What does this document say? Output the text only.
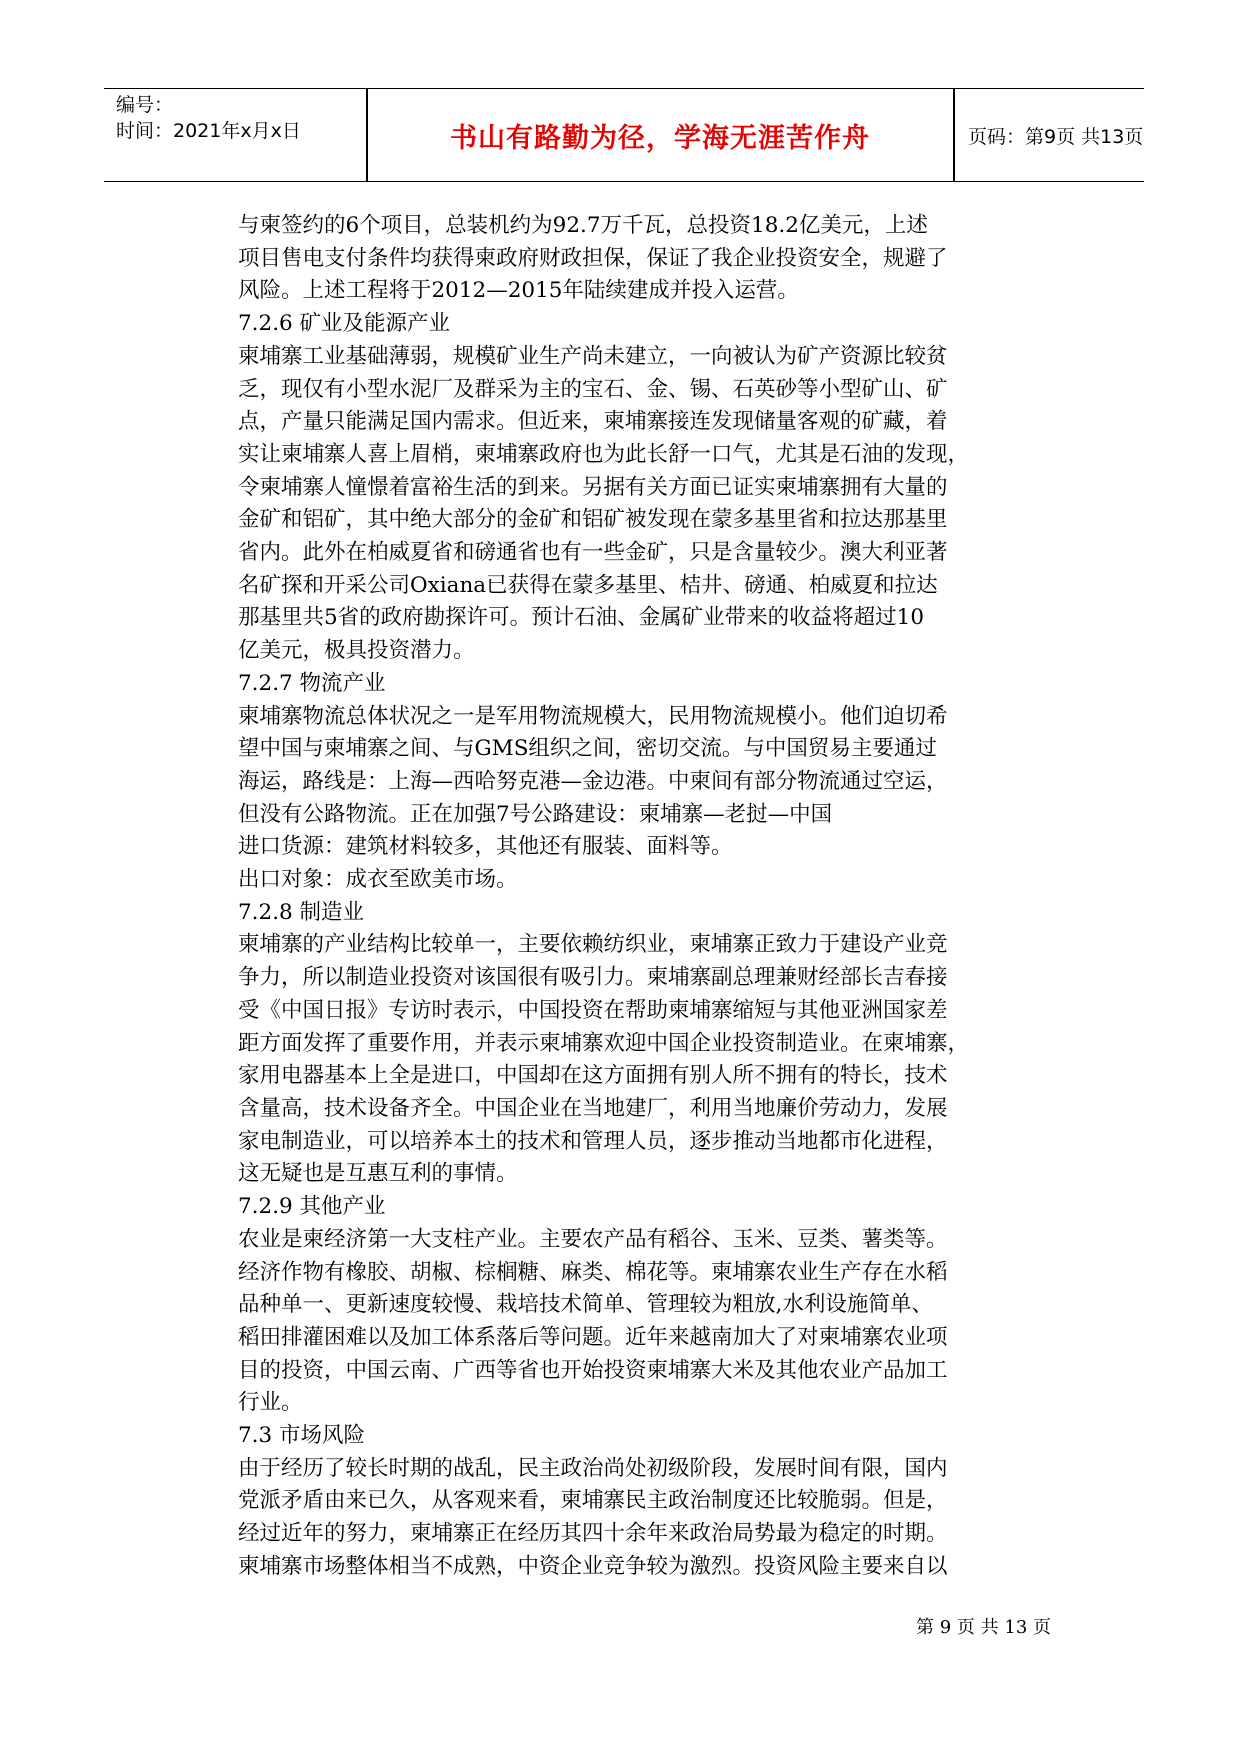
编号：
时间：2021年x月x日	书山有路勤为径，学海无涯苦作舟	页码：第9页 共13页

与柬签约的6个项目，总装机约为92.7万千瓦，总投资18.2亿美元，上述

项目售电支付条件均获得柬政府财政担保，保证了我企业投资安全，规避了

风险。上述工程将于2012—2015年陆续建成并投入运营。

7.2.6 矿业及能源产业

柬埔寨工业基础薄弱，规模矿业生产尚未建立，一向被认为矿产资源比较贫

乏，现仅有小型水泥厂及群采为主的宝石、金、锡、石英砂等小型矿山、矿

点，产量只能满足国内需求。但近来，柬埔寨接连发现储量客观的矿藏，着

实让柬埔寨人喜上眉梢，柬埔寨政府也为此长舒一口气，尤其是石油的发现，

令柬埔寨人憧憬着富裕生活的到来。另据有关方面已证实柬埔寨拥有大量的

金矿和铝矿，其中绝大部分的金矿和铝矿被发现在蒙多基里省和拉达那基里

省内。此外在柏威夏省和磅通省也有一些金矿，只是含量较少。澳大利亚著

名矿探和开采公司Oxiana已获得在蒙多基里、桔井、磅通、柏威夏和拉达

那基里共5省的政府勘探许可。预计石油、金属矿业带来的收益将超过10

亿美元，极具投资潜力。

7.2.7 物流产业

柬埔寨物流总体状况之一是军用物流规模大，民用物流规模小。他们迫切希

望中国与柬埔寨之间、与GMS组织之间，密切交流。与中国贸易主要通过

海运，路线是：上海—西哈努克港—金边港。中柬间有部分物流通过空运，

但没有公路物流。正在加强7号公路建设：柬埔寨—老挝—中国

进口货源：建筑材料较多，其他还有服装、面料等。

出口对象：成衣至欧美市场。

7.2.8 制造业

柬埔寨的产业结构比较单一，主要依赖纺织业，柬埔寨正致力于建设产业竞

争力，所以制造业投资对该国很有吸引力。柬埔寨副总理兼财经部长吉春接

受《中国日报》专访时表示，中国投资在帮助柬埔寨缩短与其他亚洲国家差

距方面发挥了重要作用，并表示柬埔寨欢迎中国企业投资制造业。在柬埔寨，

家用电器基本上全是进口，中国却在这方面拥有别人所不拥有的特长，技术

含量高，技术设备齐全。中国企业在当地建厂，利用当地廉价劳动力，发展

家电制造业，可以培养本土的技术和管理人员，逐步推动当地都市化进程，

这无疑也是互惠互利的事情。

7.2.9 其他产业

农业是柬经济第一大支柱产业。主要农产品有稻谷、玉米、豆类、薯类等。

经济作物有橡胶、胡椒、棕榈糖、麻类、棉花等。柬埔寨农业生产存在水稻

品种单一、更新速度较慢、栽培技术简单、管理较为粗放,水利设施简单、

稻田排灌困难以及加工体系落后等问题。近年来越南加大了对柬埔寨农业项

目的投资，中国云南、广西等省也开始投资柬埔寨大米及其他农业产品加工

行业。

7.3 市场风险

由于经历了较长时期的战乱，民主政治尚处初级阶段，发展时间有限，国内

党派矛盾由来已久，从客观来看，柬埔寨民主政治制度还比较脆弱。但是，

经过近年的努力，柬埔寨正在经历其四十余年来政治局势最为稳定的时期。

柬埔寨市场整体相当不成熟，中资企业竞争较为激烈。投资风险主要来自以

第 9 页 共 13 页
